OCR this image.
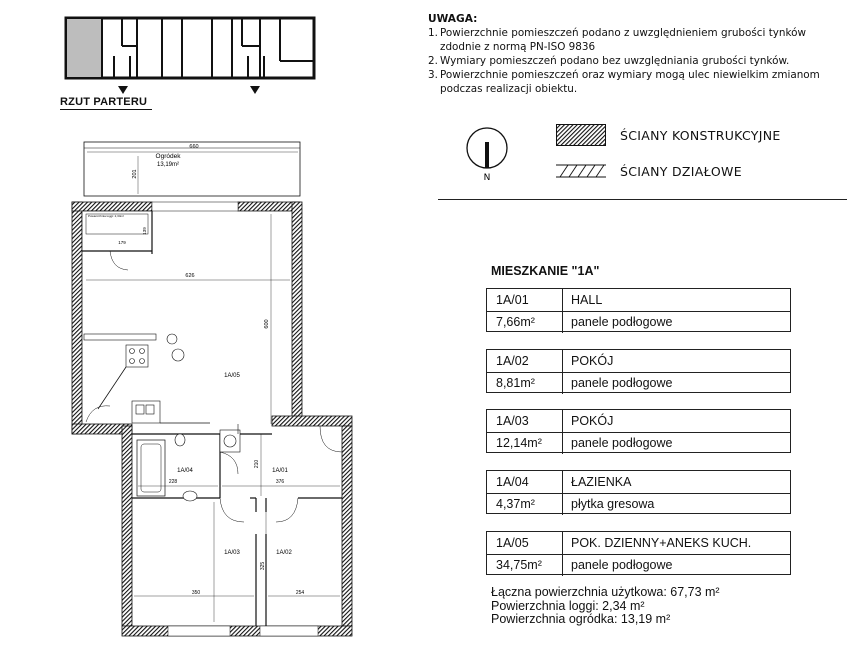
RZUT PARTERU
UWAGA:
1. Powierzchnie pomieszczeń podano z uwzględnieniem grubości tynków zdodnie z normą PN-ISO 9836
2. Wymiary pomieszczeń podano bez uwzględniania grubości tynków.
3. Powierzchnie pomieszczeń oraz wymiary mogą ulec niewielkim zmianom podczas realizacji obiektu.
N
ŚCIANY KONSTRUKCYJNE
ŚCIANY DZIAŁOWE
MIESZKANIE "1A"
1A/01	HALL
7,66m²	panele podłogowe
1A/02	POKÓJ
8,81m²	panele podłogowe
1A/03	POKÓJ
12,14m²	panele podłogowe
1A/04	ŁAZIENKA
4,37m²	płytka gresowa
1A/05	POK. DZIENNY+ANEKS KUCH.
34,75m²	panele podłogowe
Łączna powierzchnia użytkowa: 67,73 m²
Powierzchnia loggi: 2,34 m²
Powierzchnia ogródka: 13,19 m²
660
201
Ogródek
13,19m²
Powierzchnia loggi: 2,34m²
179
139
626
600
1A/05
1A/04
228
1A/01
376
210
1A/03	1A/02
350	254
325
